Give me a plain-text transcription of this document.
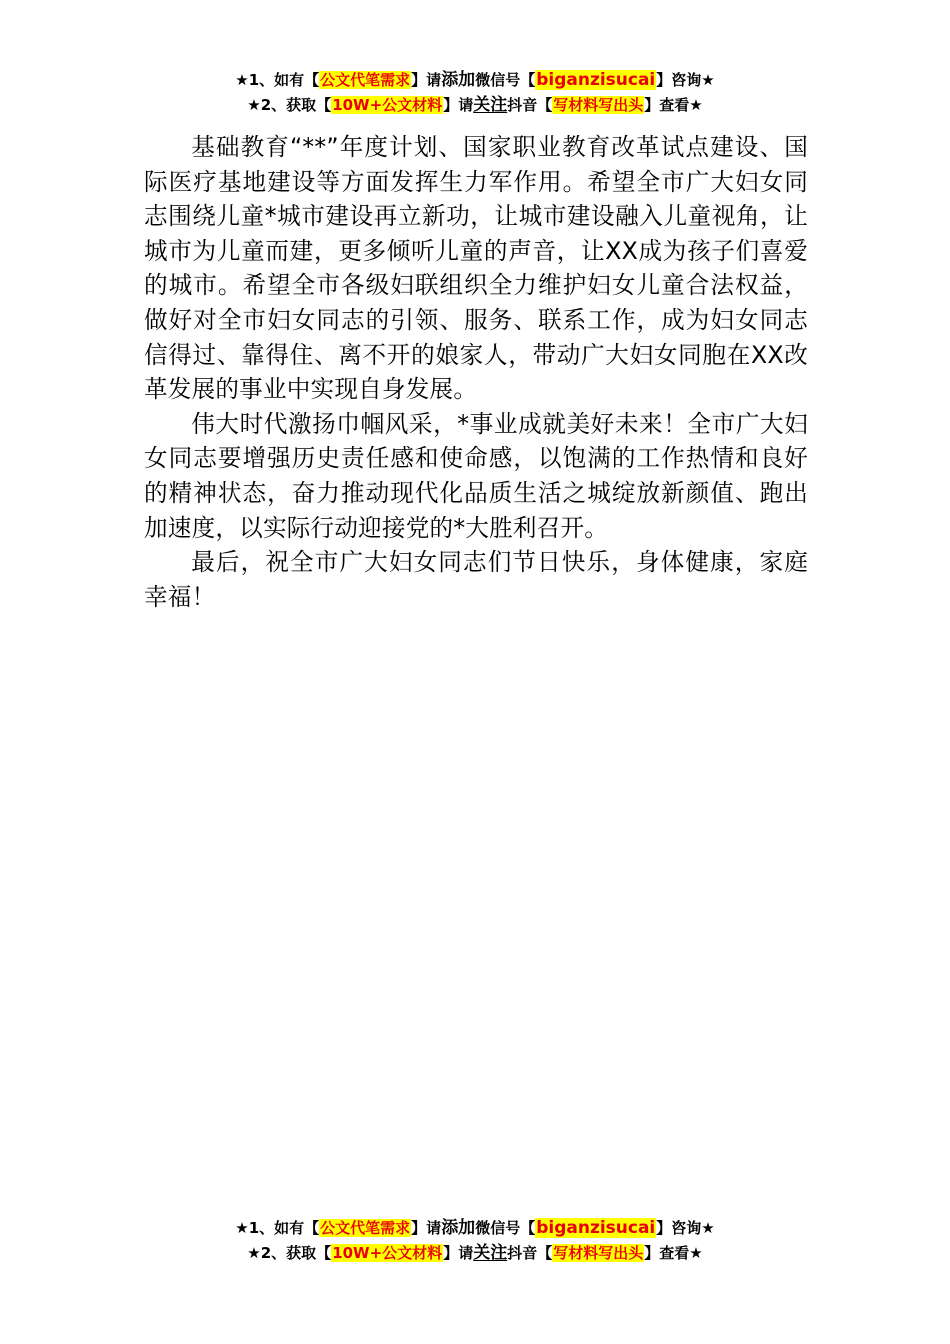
★1、如有【公文代笔需求】请添加微信号【biganzisucai】咨询★
★2、获取【10W+公文材料】请关注抖音【写材料写出头】查看★

基础教育“**”年度计划、国家职业教育改革试点建设、国际医疗基地建设等方面发挥生力军作用。希望全市广大妇女同志围绕儿童*城市建设再立新功，让城市建设融入儿童视角，让城市为儿童而建，更多倾听儿童的声音，让XX成为孩子们喜爱的城市。希望全市各级妇联组织全力维护妇女儿童合法权益，做好对全市妇女同志的引领、服务、联系工作，成为妇女同志信得过、靠得住、离不开的娘家人，带动广大妇女同胞在XX改革发展的事业中实现自身发展。

伟大时代激扬巾帼风采，*事业成就美好未来！全市广大妇女同志要增强历史责任感和使命感，以饱满的工作热情和良好的精神状态，奋力推动现代化品质生活之城绽放新颜值、跑出加速度，以实际行动迎接党的*大胜利召开。

最后，祝全市广大妇女同志们节日快乐，身体健康，家庭幸福！

★1、如有【公文代笔需求】请添加微信号【biganzisucai】咨询★
★2、获取【10W+公文材料】请关注抖音【写材料写出头】查看★
